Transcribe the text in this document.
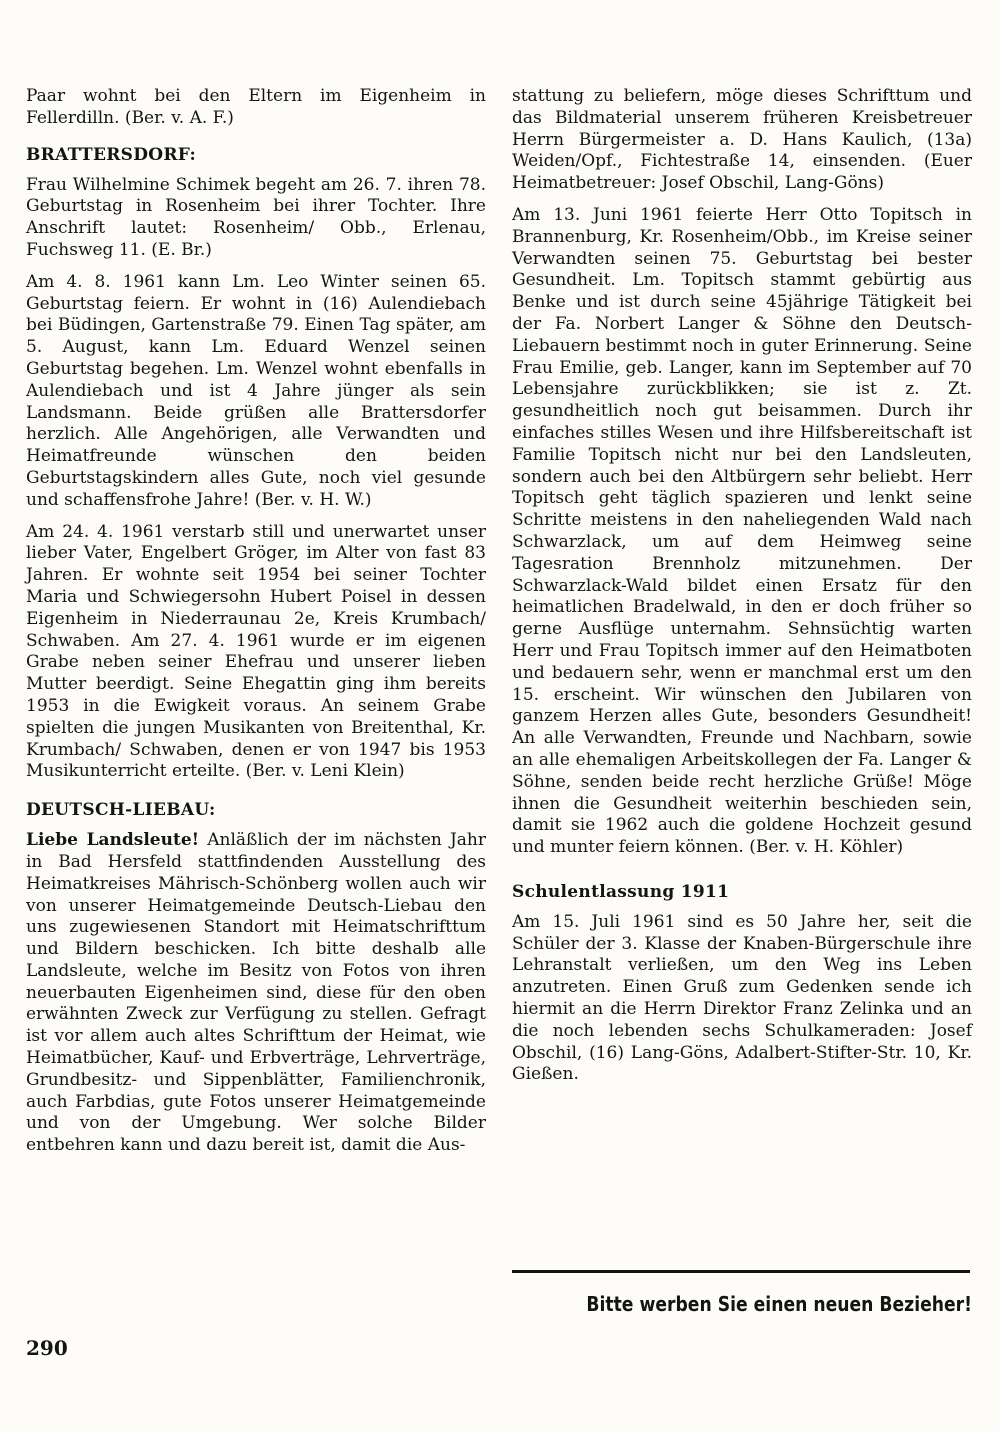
Paar wohnt bei den Eltern im Eigenheim in Fellerdilln. (Ber. v. A. F.)

BRATTERSDORF:

Frau Wilhelmine Schimek begeht am 26. 7. ihren 78. Geburtstag in Rosenheim bei ihrer Tochter. Ihre Anschrift lautet: Rosenheim/ Obb., Erlenau, Fuchsweg 11. (E. Br.)

Am 4. 8. 1961 kann Lm. Leo Winter seinen 65. Geburtstag feiern. Er wohnt in (16) Aulendiebach bei Büdingen, Gartenstraße 79. Einen Tag später, am 5. August, kann Lm. Eduard Wenzel seinen Geburtstag begehen. Lm. Wenzel wohnt ebenfalls in Aulendiebach und ist 4 Jahre jünger als sein Landsmann. Beide grüßen alle Brattersdorfer herzlich. Alle Angehörigen, alle Verwandten und Heimatfreunde wünschen den beiden Geburtstagskindern alles Gute, noch viel gesunde und schaffensfrohe Jahre! (Ber. v. H. W.)

Am 24. 4. 1961 verstarb still und unerwartet unser lieber Vater, Engelbert Gröger, im Alter von fast 83 Jahren. Er wohnte seit 1954 bei seiner Tochter Maria und Schwiegersohn Hubert Poisel in dessen Eigenheim in Niederraunau 2e, Kreis Krumbach/ Schwaben. Am 27. 4. 1961 wurde er im eigenen Grabe neben seiner Ehefrau und unserer lieben Mutter beerdigt. Seine Ehegattin ging ihm bereits 1953 in die Ewigkeit voraus. An seinem Grabe spielten die jungen Musikanten von Breitenthal, Kr. Krumbach/ Schwaben, denen er von 1947 bis 1953 Musikunterricht erteilte. (Ber. v. Leni Klein)

DEUTSCH-LIEBAU:

Liebe Landsleute! Anläßlich der im nächsten Jahr in Bad Hersfeld stattfindenden Ausstellung des Heimatkreises Mährisch-Schönberg wollen auch wir von unserer Heimatgemeinde Deutsch-Liebau den uns zugewiesenen Standort mit Heimatschrifttum und Bildern beschicken. Ich bitte deshalb alle Landsleute, welche im Besitz von Fotos von ihren neuerbauten Eigenheimen sind, diese für den oben erwähnten Zweck zur Verfügung zu stellen. Gefragt ist vor allem auch altes Schrifttum der Heimat, wie Heimatbücher, Kauf- und Erbverträge, Lehrverträge, Grundbesitz- und Sippenblätter, Familienchronik, auch Farbdias, gute Fotos unserer Heimatgemeinde und von der Umgebung. Wer solche Bilder entbehren kann und dazu bereit ist, damit die Aus-

stattung zu beliefern, möge dieses Schrifttum und das Bildmaterial unserem früheren Kreisbetreuer Herrn Bürgermeister a. D. Hans Kaulich, (13a) Weiden/Opf., Fichtestraße 14, einsenden. (Euer Heimatbetreuer: Josef Obschil, Lang-Göns)

Am 13. Juni 1961 feierte Herr Otto Topitsch in Brannenburg, Kr. Rosenheim/Obb., im Kreise seiner Verwandten seinen 75. Geburtstag bei bester Gesundheit. Lm. Topitsch stammt gebürtig aus Benke und ist durch seine 45jährige Tätigkeit bei der Fa. Norbert Langer & Söhne den Deutsch-Liebauern bestimmt noch in guter Erinnerung. Seine Frau Emilie, geb. Langer, kann im September auf 70 Lebensjahre zurückblikken; sie ist z. Zt. gesundheitlich noch gut beisammen. Durch ihr einfaches stilles Wesen und ihre Hilfsbereitschaft ist Familie Topitsch nicht nur bei den Landsleuten, sondern auch bei den Altbürgern sehr beliebt. Herr Topitsch geht täglich spazieren und lenkt seine Schritte meistens in den naheliegenden Wald nach Schwarzlack, um auf dem Heimweg seine Tagesration Brennholz mitzunehmen. Der Schwarzlack-Wald bildet einen Ersatz für den heimatlichen Bradelwald, in den er doch früher so gerne Ausflüge unternahm. Sehnsüchtig warten Herr und Frau Topitsch immer auf den Heimatboten und bedauern sehr, wenn er manchmal erst um den 15. erscheint. Wir wünschen den Jubilaren von ganzem Herzen alles Gute, besonders Gesundheit! An alle Verwandten, Freunde und Nachbarn, sowie an alle ehemaligen Arbeitskollegen der Fa. Langer & Söhne, senden beide recht herzliche Grüße! Möge ihnen die Gesundheit weiterhin beschieden sein, damit sie 1962 auch die goldene Hochzeit gesund und munter feiern können. (Ber. v. H. Köhler)

Schulentlassung 1911

Am 15. Juli 1961 sind es 50 Jahre her, seit die Schüler der 3. Klasse der Knaben-Bürgerschule ihre Lehranstalt verließen, um den Weg ins Leben anzutreten. Einen Gruß zum Gedenken sende ich hiermit an die Herrn Direktor Franz Zelinka und an die noch lebenden sechs Schulkameraden: Josef Obschil, (16) Lang-Göns, Adalbert-Stifter-Str. 10, Kr. Gießen.

290
Bitte werben Sie einen neuen Bezieher!
